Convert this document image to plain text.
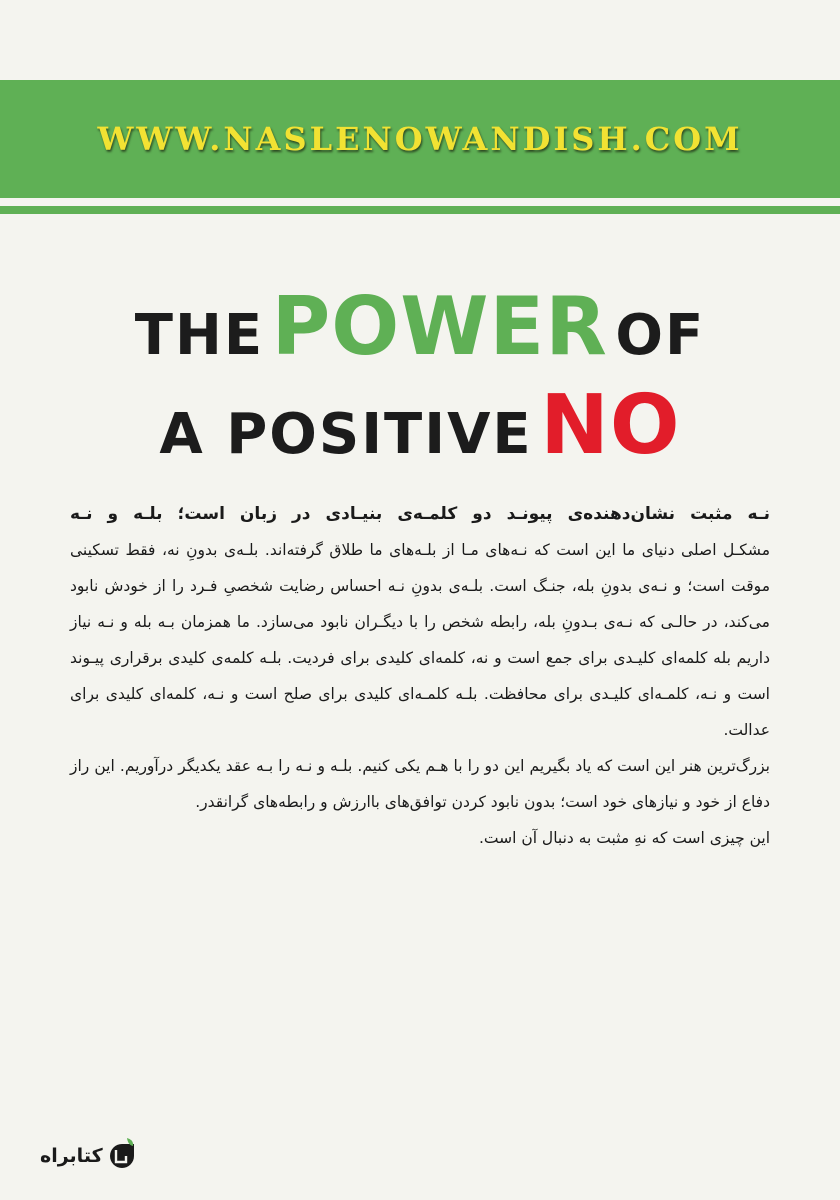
WWW.NASLENOWANDISH.COM
THE POWER OF
A POSITIVE NO

نـه مثبت نشان‌دهنده‌ی پیونـد دو کلمـه‌ی بنیـادی در زبان است؛ بلـه و نـه

مشکـل اصلی دنیای ما این است که نـه‌های مـا از بلـه‌های ما طلاق گرفته‌اند. بلـه‌ی بدونِ نه، فقط تسکینی موقت است؛ و نـه‌ی بدونِ بله، جنـگ است. بلـه‌ی بدونِ نـه احساس رضایت شخصیِ فـرد را از خودش نابود می‌کند، در حالـی که نـه‌ی بـدونِ بله، رابطه شخص را با دیگـران نابود می‌سازد. ما همزمان بـه بله و نـه نیاز داریم بله کلمه‌ای کلیـدی برای جمع است و نه، کلمه‌ای کلیدی برای فردیت. بلـه کلمه‌ی کلیدی برقراری پیـوند است و نـه، کلمـه‌ای کلیـدی برای محافظت. بلـه کلمـه‌ای کلیدی برای صلح است و نـه، کلمه‌ای کلیدی برای عدالت.

بزرگ‌ترین هنر این است که یاد بگیریم این دو را با هـم یکی کنیم. بلـه و نـه را بـه عقد یکدیگر درآوریم. این راز دفاع از خود و نیازهای خود است؛ بدون نابود کردن توافق‌های باارزش و رابطه‌های گرانقدر.

این چیزی است که نهِ مثبت به دنبال آن است.

کتابراه
